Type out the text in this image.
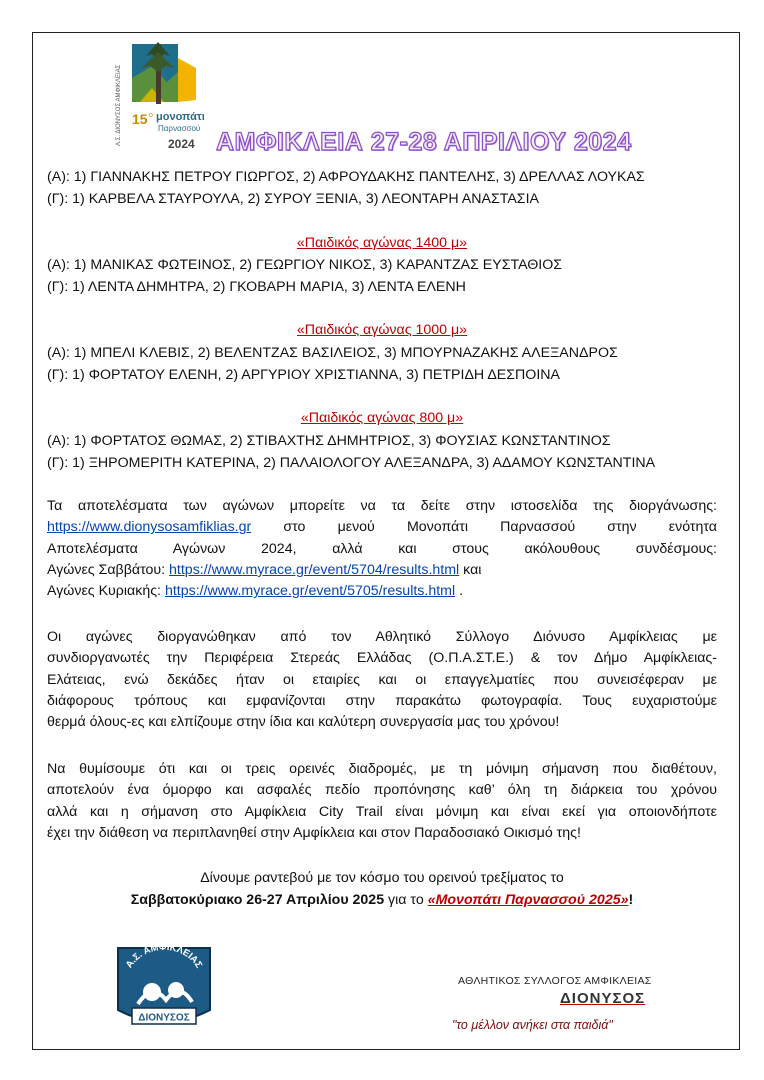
Α.Σ. ΔΙΟΝΥΣΟΣ ΑΜΦΙΚΛΕΙΑΣ 15 ο μονοπάτι
Παρνασσού
2024 ΑΜΦΙΚΛΕΙΑ 27-28 ΑΠΡΙΛΙΟΥ 2024
(Α): 1) ΓΙΑΝΝΑΚΗΣ ΠΕΤΡΟΥ ΓΙΩΡΓΟΣ, 2) ΑΦΡΟΥΔΑΚΗΣ ΠΑΝΤΕΛΗΣ, 3) ΔΡΕΛΛΑΣ ΛΟΥΚΑΣ
(Γ): 1) ΚΑΡΒΕΛΑ ΣΤΑΥΡΟΥΛΑ, 2) ΣΥΡΟΥ ΞΕΝΙΑ, 3) ΛΕΟΝΤΑΡΗ ΑΝΑΣΤΑΣΙΑ
«Παιδικός αγώνας 1400 μ»
(Α): 1) ΜΑΝΙΚΑΣ ΦΩΤΕΙΝΟΣ, 2) ΓΕΩΡΓΙΟΥ ΝΙΚΟΣ, 3) ΚΑΡΑΝΤΖΑΣ ΕΥΣΤΑΘΙΟΣ
(Γ): 1) ΛΕΝΤΑ ΔΗΜΗΤΡΑ, 2) ΓΚΟΒΑΡΗ ΜΑΡΙΑ, 3) ΛΕΝΤΑ ΕΛΕΝΗ
«Παιδικός αγώνας 1000 μ»
(Α): 1) ΜΠΕΛΙ ΚΛΕΒΙΣ, 2) ΒΕΛΕΝΤΖΑΣ ΒΑΣΙΛΕΙΟΣ, 3) ΜΠΟΥΡΝΑΖΑΚΗΣ ΑΛΕΞΑΝΔΡΟΣ
(Γ): 1) ΦΟΡΤΑΤΟΥ ΕΛΕΝΗ, 2) ΑΡΓΥΡΙΟΥ ΧΡΙΣΤΙΑΝΝΑ, 3) ΠΕΤΡΙΔΗ ΔΕΣΠΟΙΝΑ
«Παιδικός αγώνας 800 μ»
(Α): 1) ΦΟΡΤΑΤΟΣ ΘΩΜΑΣ, 2) ΣΤΙΒΑΧΤΗΣ ΔΗΜΗΤΡΙΟΣ, 3) ΦΟΥΣΙΑΣ ΚΩΝΣΤΑΝΤΙΝΟΣ
(Γ): 1) ΞΗΡΟΜΕΡΙΤΗ ΚΑΤΕΡΙΝΑ, 2) ΠΑΛΑΙΟΛΟΓΟΥ ΑΛΕΞΑΝΔΡΑ, 3) ΑΔΑΜΟΥ ΚΩΝΣΤΑΝΤΙΝΑ
Τα αποτελέσματα των αγώνων μπορείτε να τα δείτε στην ιστοσελίδα της διοργάνωσης:
https://www.dionysosamfiklias.gr στο μενού Μονοπάτι Παρνασσού στην ενότητα
Αποτελέσματα Αγώνων 2024, αλλά και στους ακόλουθους συνδέσμους:
Αγώνες Σαββάτου: https://www.myrace.gr/event/5704/results.html και
Αγώνες Κυριακής: https://www.myrace.gr/event/5705/results.html .
Οι αγώνες διοργανώθηκαν από τον Αθλητικό Σύλλογο Διόνυσο Αμφίκλειας με
συνδιοργανωτές την Περιφέρεια Στερεάς Ελλάδας (Ο.Π.Α.ΣΤ.Ε.) & τον Δήμο Αμφίκλειας-
Ελάτειας, ενώ δεκάδες ήταν οι εταιρίες και οι επαγγελματίες που συνεισέφεραν με
διάφορους τρόπους και εμφανίζονται στην παρακάτω φωτογραφία. Τους ευχαριστούμε
θερμά όλους-ες και ελπίζουμε στην ίδια και καλύτερη συνεργασία μας του χρόνου!
Να θυμίσουμε ότι και οι τρεις ορεινές διαδρομές, με τη μόνιμη σήμανση που διαθέτουν,
αποτελούν ένα όμορφο και ασφαλές πεδίο προπόνησης καθ’ όλη τη διάρκεια του χρόνου
αλλά και η σήμανση στο Αμφίκλεια City Trail είναι μόνιμη και είναι εκεί για οποιονδήποτε
έχει την διάθεση να περιπλανηθεί στην Αμφίκλεια και στον Παραδοσιακό Οικισμό της!
Δίνουμε ραντεβού με τον κόσμο του ορεινού τρεξίματος το
Σαββατοκύριακο 26-27 Απριλίου 2025 για το «Μονοπάτι Παρνασσού 2025»!
Α.Σ. ΑΜΦΙΚΛΕΙΑΣ
ΔΙΟΝΥΣΟΣ
ΑΘΛΗΤΙΚΟΣ ΣΥΛΛΟΓΟΣ ΑΜΦΙΚΛΕΙΑΣ
ΔΙΟΝΥΣΟΣ
"το μέλλον ανήκει στα παιδιά"
